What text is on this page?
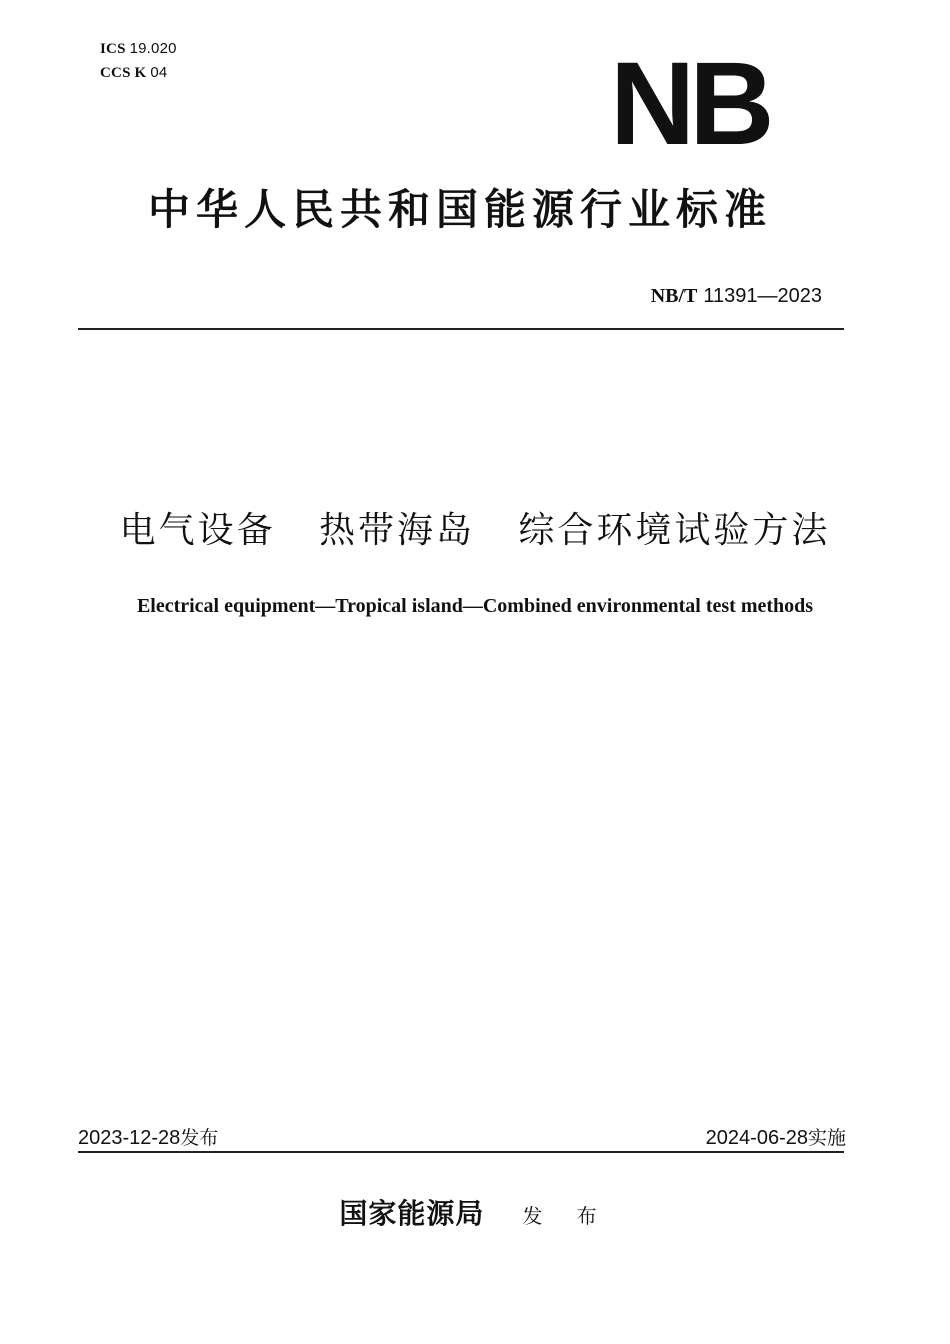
ICS 19.020
CCS K 04	NB
中华人民共和国能源行业标准
NB/T 11391—2023
电气设备   热带海岛   综合环境试验方法
Electrical equipment—Tropical island—Combined environmental test methods
2023-12-28发布	2024-06-28实施
国家能源局 发 布
